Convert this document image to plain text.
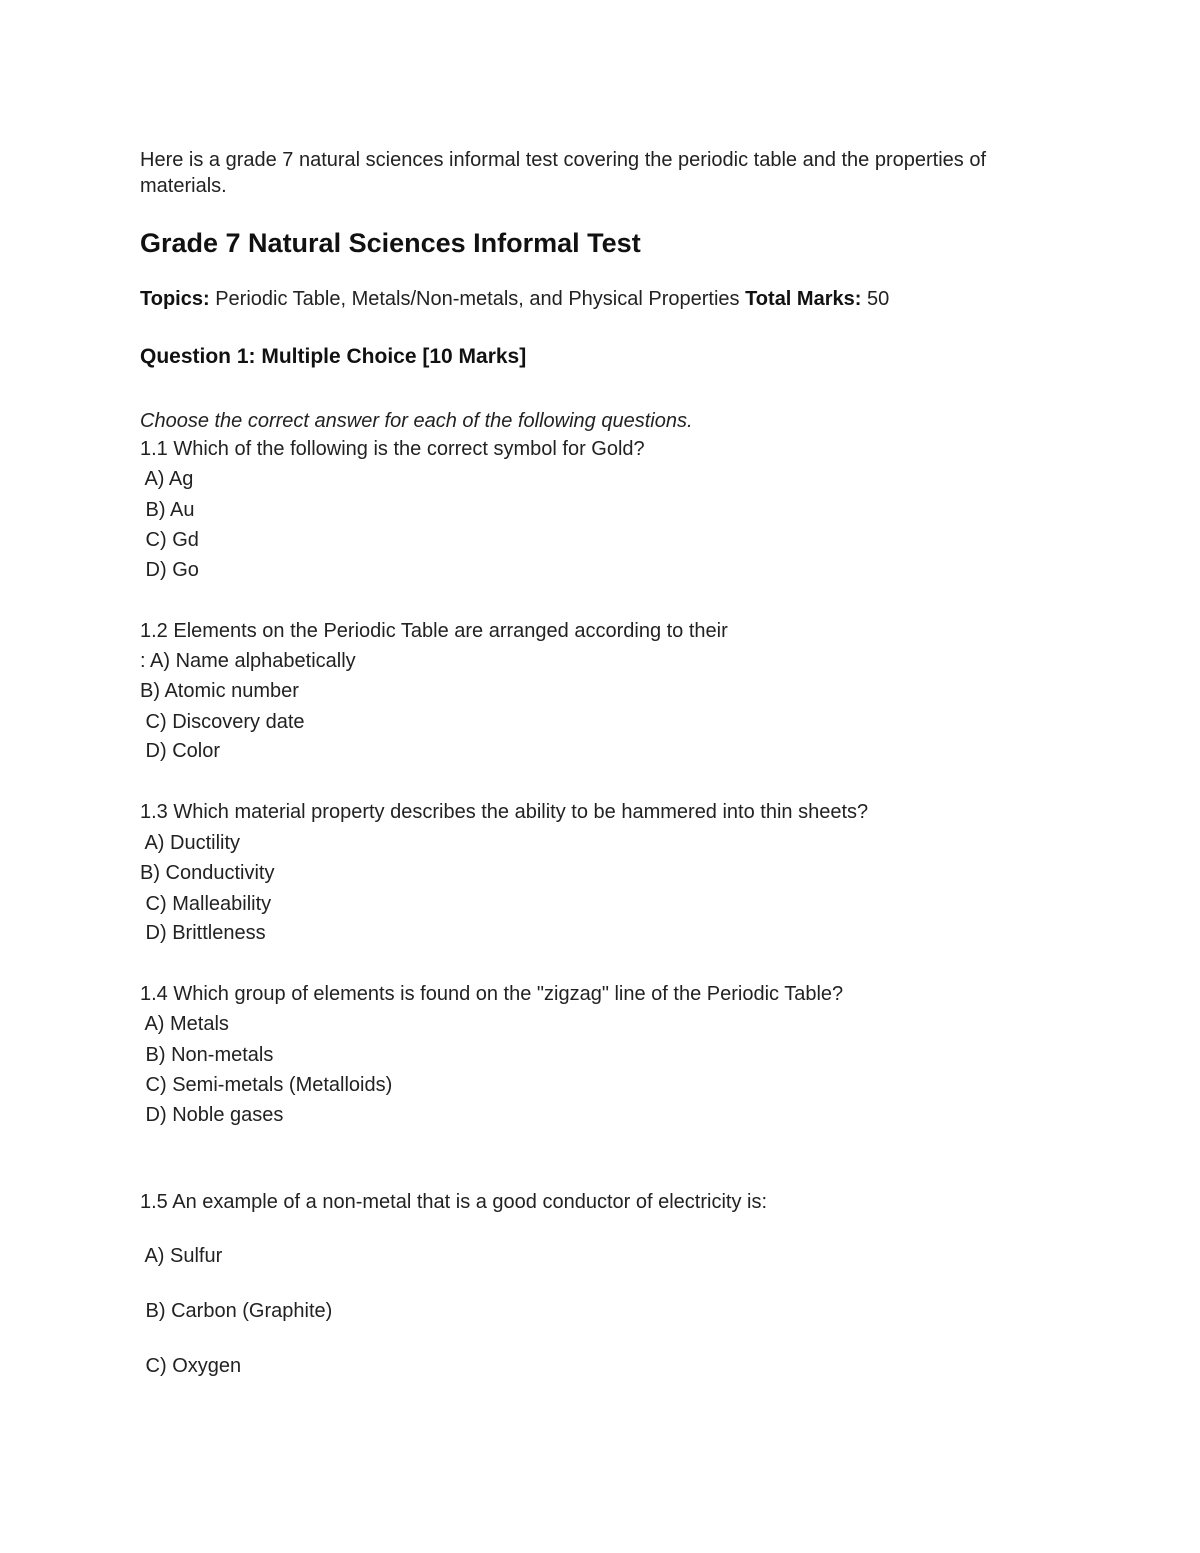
Here is a grade 7 natural sciences informal test covering the periodic table and the properties of materials.

Grade 7 Natural Sciences Informal Test

Topics: Periodic Table, Metals/Non-metals, and Physical Properties Total Marks: 50

Question 1: Multiple Choice [10 Marks]

Choose the correct answer for each of the following questions.

1.1 Which of the following is the correct symbol for Gold?

A) Ag

B) Au

C) Gd

D) Go

1.2 Elements on the Periodic Table are arranged according to their

: A) Name alphabetically

B) Atomic number

C) Discovery date

D) Color

1.3 Which material property describes the ability to be hammered into thin sheets?

A) Ductility

B) Conductivity

C) Malleability

D) Brittleness

1.4 Which group of elements is found on the "zigzag" line of the Periodic Table?

A) Metals

B) Non-metals

C) Semi-metals (Metalloids)

D) Noble gases

1.5 An example of a non-metal that is a good conductor of electricity is:

A) Sulfur

B) Carbon (Graphite)

C) Oxygen
